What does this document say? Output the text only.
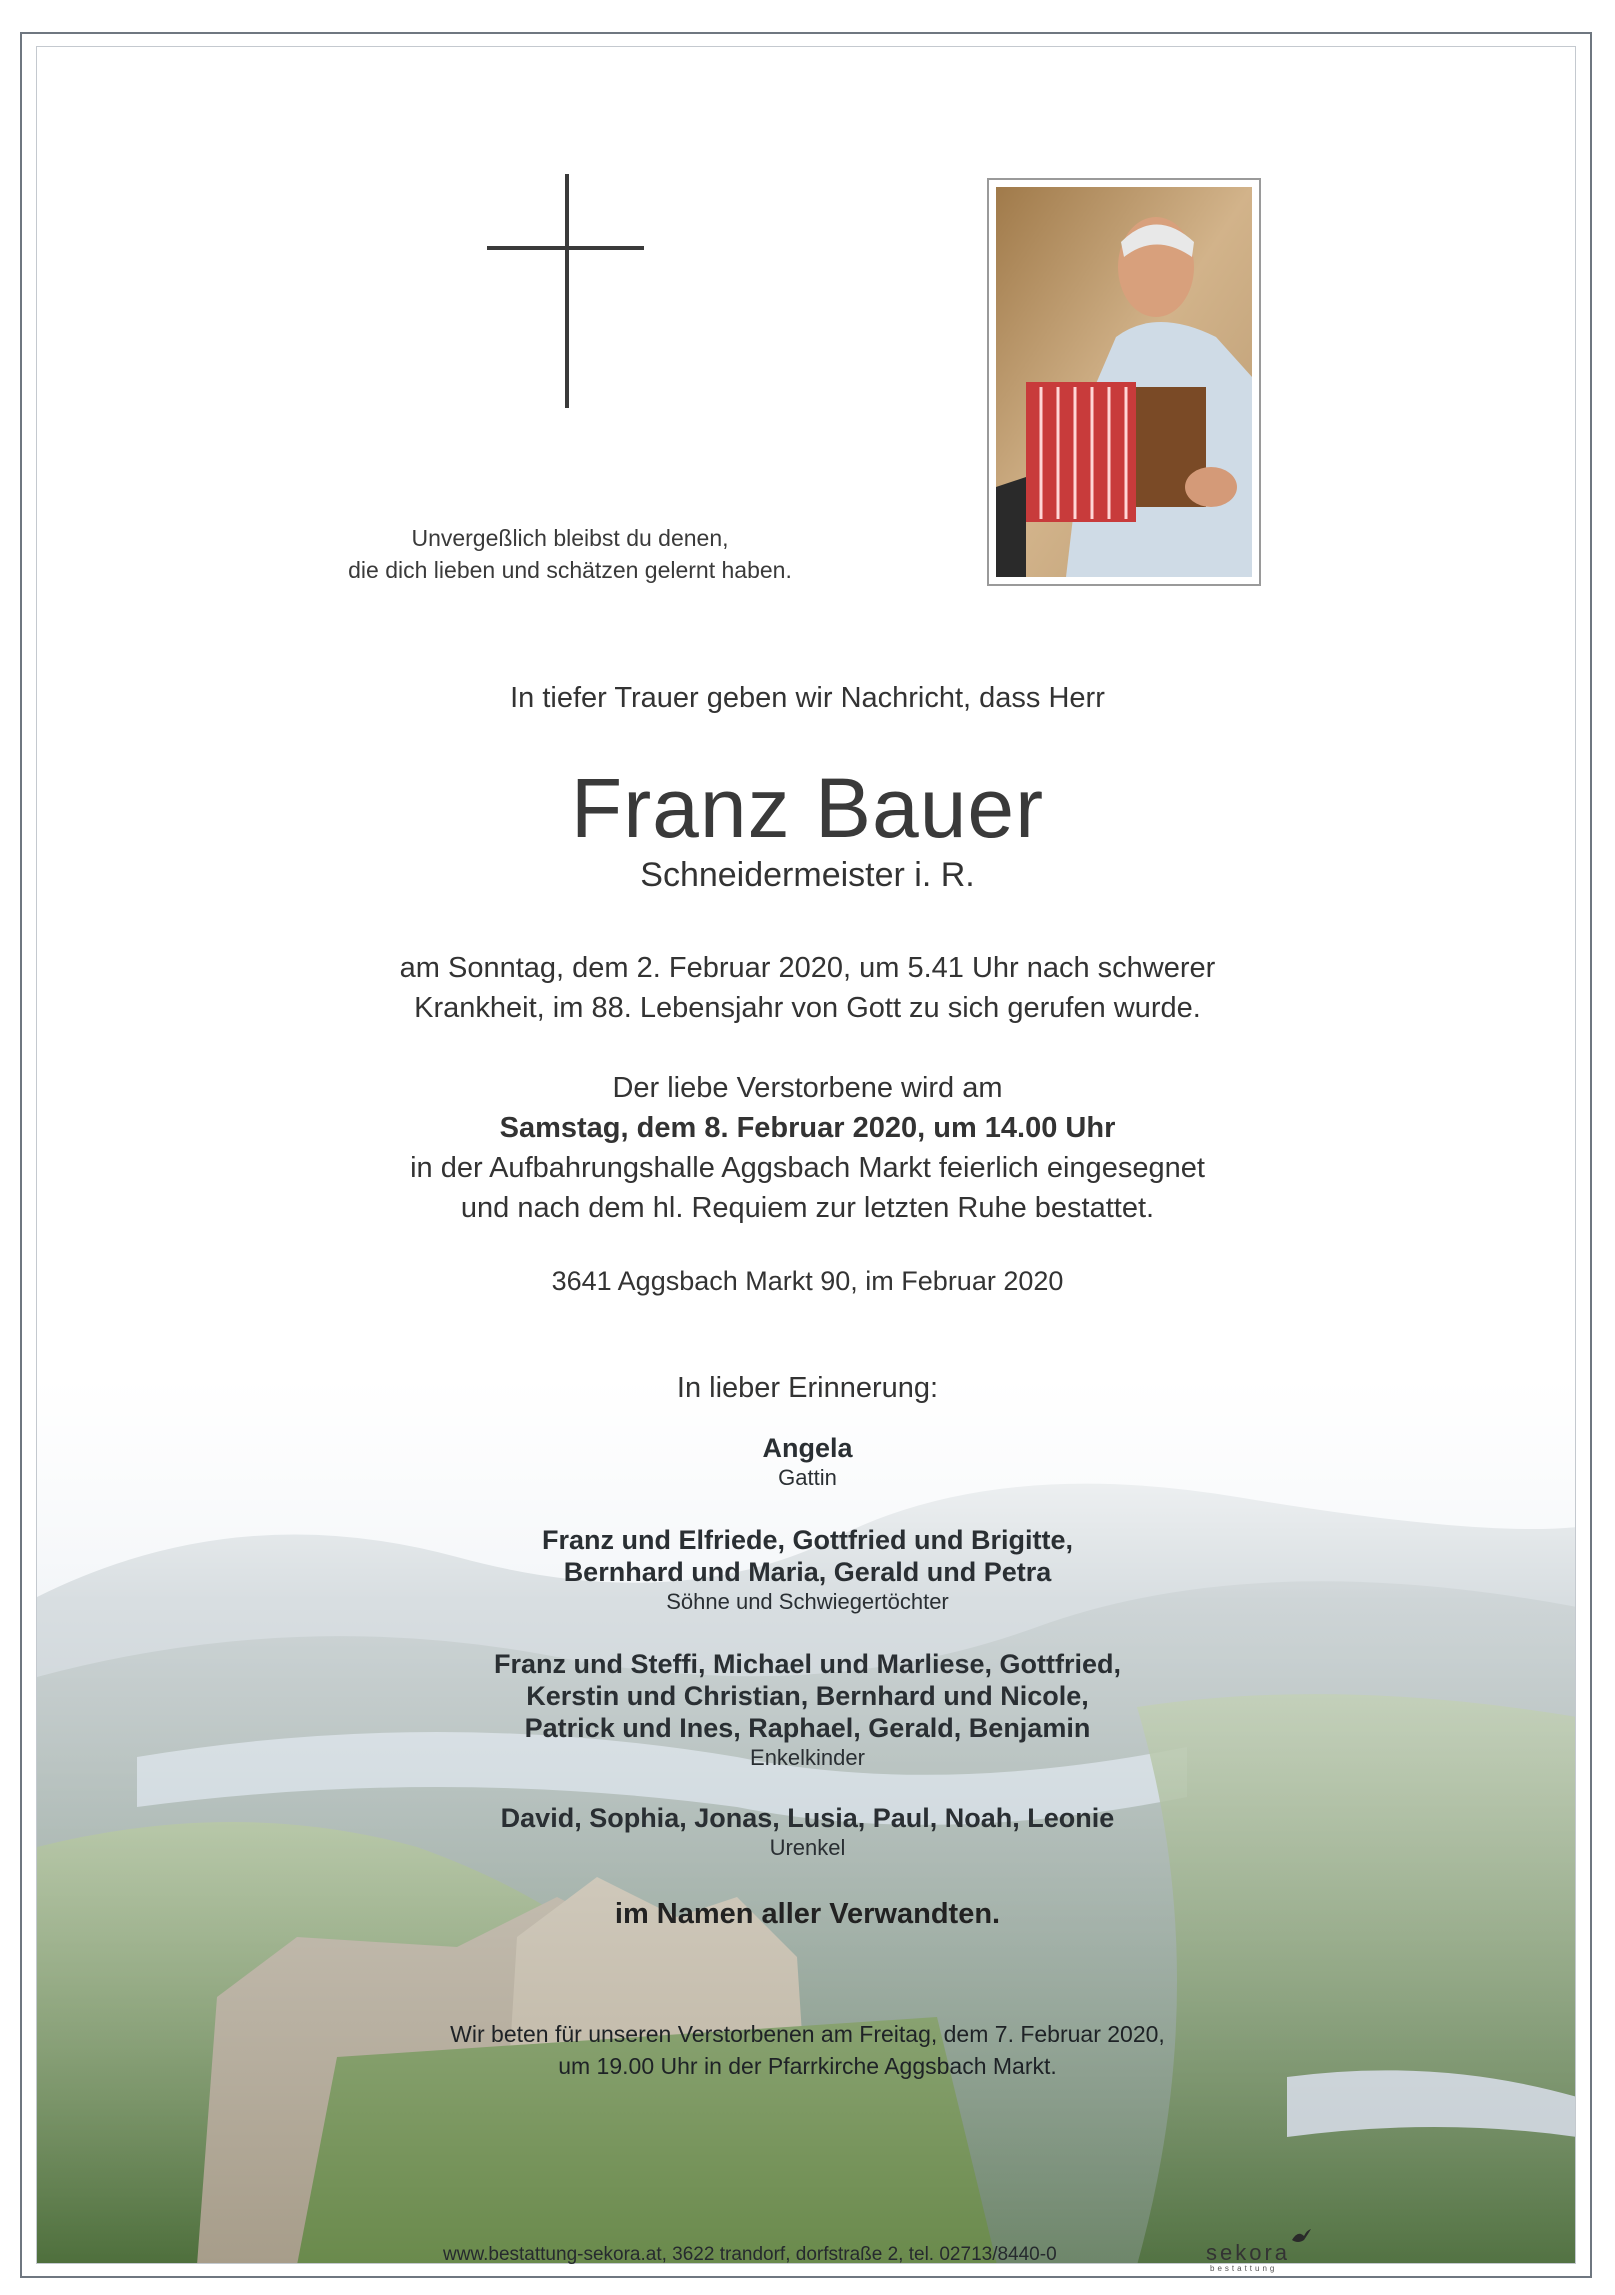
Unvergeßlich bleibst du denen,
die dich lieben und schätzen gelernt haben.
In tiefer Trauer geben wir Nachricht, dass Herr
Franz Bauer
Schneidermeister i. R.
am Sonntag, dem 2. Februar 2020, um 5.41 Uhr nach schwerer
Krankheit, im 88. Lebensjahr von Gott zu sich gerufen wurde.
Der liebe Verstorbene wird am
Samstag, dem 8. Februar 2020, um 14.00 Uhr
in der Aufbahrungshalle Aggsbach Markt feierlich eingesegnet
und nach dem hl. Requiem zur letzten Ruhe bestattet.
3641 Aggsbach Markt 90, im Februar 2020
In lieber Erinnerung:
Angela
Gattin
Franz und Elfriede, Gottfried und Brigitte,
Bernhard und Maria, Gerald und Petra
Söhne und Schwiegertöchter
Franz und Steffi, Michael und Marliese, Gottfried,
Kerstin und Christian, Bernhard und Nicole,
Patrick und Ines, Raphael, Gerald, Benjamin
Enkelkinder
David, Sophia, Jonas, Lusia, Paul, Noah, Leonie
Urenkel
im Namen aller Verwandten.
Wir beten für unseren Verstorbenen am Freitag, dem 7. Februar 2020,
um 19.00 Uhr in der Pfarrkirche Aggsbach Markt.
www.bestattung-sekora.at, 3622 trandorf, dorfstraße 2, tel. 02713/8440-0	sekora
bestattung
